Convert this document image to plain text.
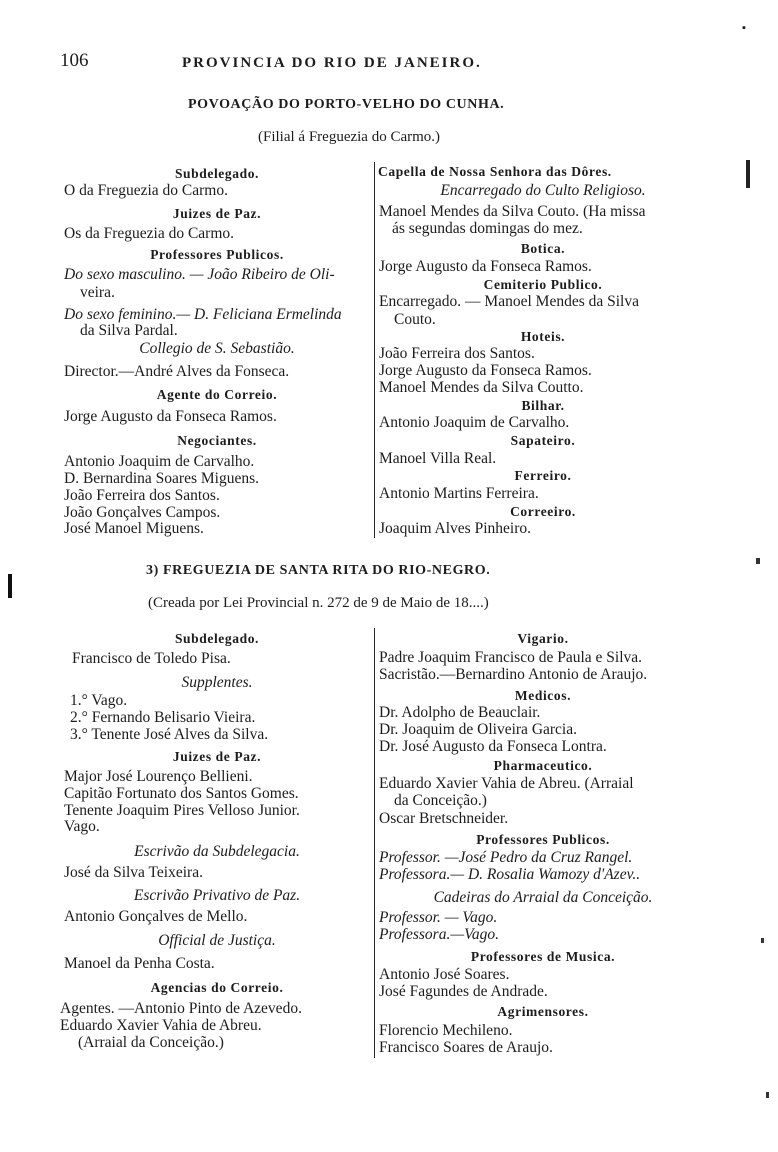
106	PROVINCIA DO RIO DE JANEIRO.
POVOAÇÃO DO PORTO-VELHO DO CUNHA.
(Filial á Freguezia do Carmo.)
Subdelegado.
O da Freguezia do Carmo.
Juizes de Paz.
Os da Freguezia do Carmo.
Professores Publicos.
Do sexo masculino. — João Ribeiro de Oli-
veira.
Do sexo feminino.— D. Feliciana Ermelinda
da Silva Pardal.
Collegio de S. Sebastião.
Director.—André Alves da Fonseca.
Agente do Correio.
Jorge Augusto da Fonseca Ramos.
Negociantes.
Antonio Joaquim de Carvalho.
D. Bernardina Soares Miguens.
João Ferreira dos Santos.
João Gonçalves Campos.
José Manoel Miguens.
Capella de Nossa Senhora das Dôres.
Encarregado do Culto Religioso.
Manoel Mendes da Silva Couto. (Ha missa
ás segundas domingas do mez.
Botica.
Jorge Augusto da Fonseca Ramos.
Cemiterio Publico.
Encarregado. — Manoel Mendes da Silva
Couto.
Hoteis.
João Ferreira dos Santos.
Jorge Augusto da Fonseca Ramos.
Manoel Mendes da Silva Coutto.
Bilhar.
Antonio Joaquim de Carvalho.
Sapateiro.
Manoel Villa Real.
Ferreiro.
Antonio Martins Ferreira.
Correeiro.
Joaquim Alves Pinheiro.
3) FREGUEZIA DE SANTA RITA DO RIO-NEGRO.
(Creada por Lei Provincial n. 272 de 9 de Maio de 18....)
Subdelegado.
Francisco de Toledo Pisa.
Supplentes.
1.° Vago.
2.° Fernando Belisario Vieira.
3.° Tenente José Alves da Silva.
Juizes de Paz.
Major José Lourenço Bellieni.
Capitão Fortunato dos Santos Gomes.
Tenente Joaquim Pires Velloso Junior.
Vago.
Escrivão da Subdelegacia.
José da Silva Teixeira.
Escrivão Privativo de Paz.
Antonio Gonçalves de Mello.
Official de Justiça.
Manoel da Penha Costa.
Agencias do Correio.
Agentes. —Antonio Pinto de Azevedo.
Eduardo Xavier Vahia de Abreu.
(Arraial da Conceição.)
Vigario.
Padre Joaquim Francisco de Paula e Silva.
Sacristão.—Bernardino Antonio de Araujo.
Medicos.
Dr. Adolpho de Beauclair.
Dr. Joaquim de Oliveira Garcia.
Dr. José Augusto da Fonseca Lontra.
Pharmaceutico.
Eduardo Xavier Vahia de Abreu. (Arraial
da Conceição.)
Oscar Bretschneider.
Professores Publicos.
Professor. —José Pedro da Cruz Rangel.
Professora.— D. Rosalia Wamozy d'Azev..
Cadeiras do Arraial da Conceição.
Professor. — Vago.
Professora.—Vago.
Professores de Musica.
Antonio José Soares.
José Fagundes de Andrade.
Agrimensores.
Florencio Mechileno.
Francisco Soares de Araujo.
▪
